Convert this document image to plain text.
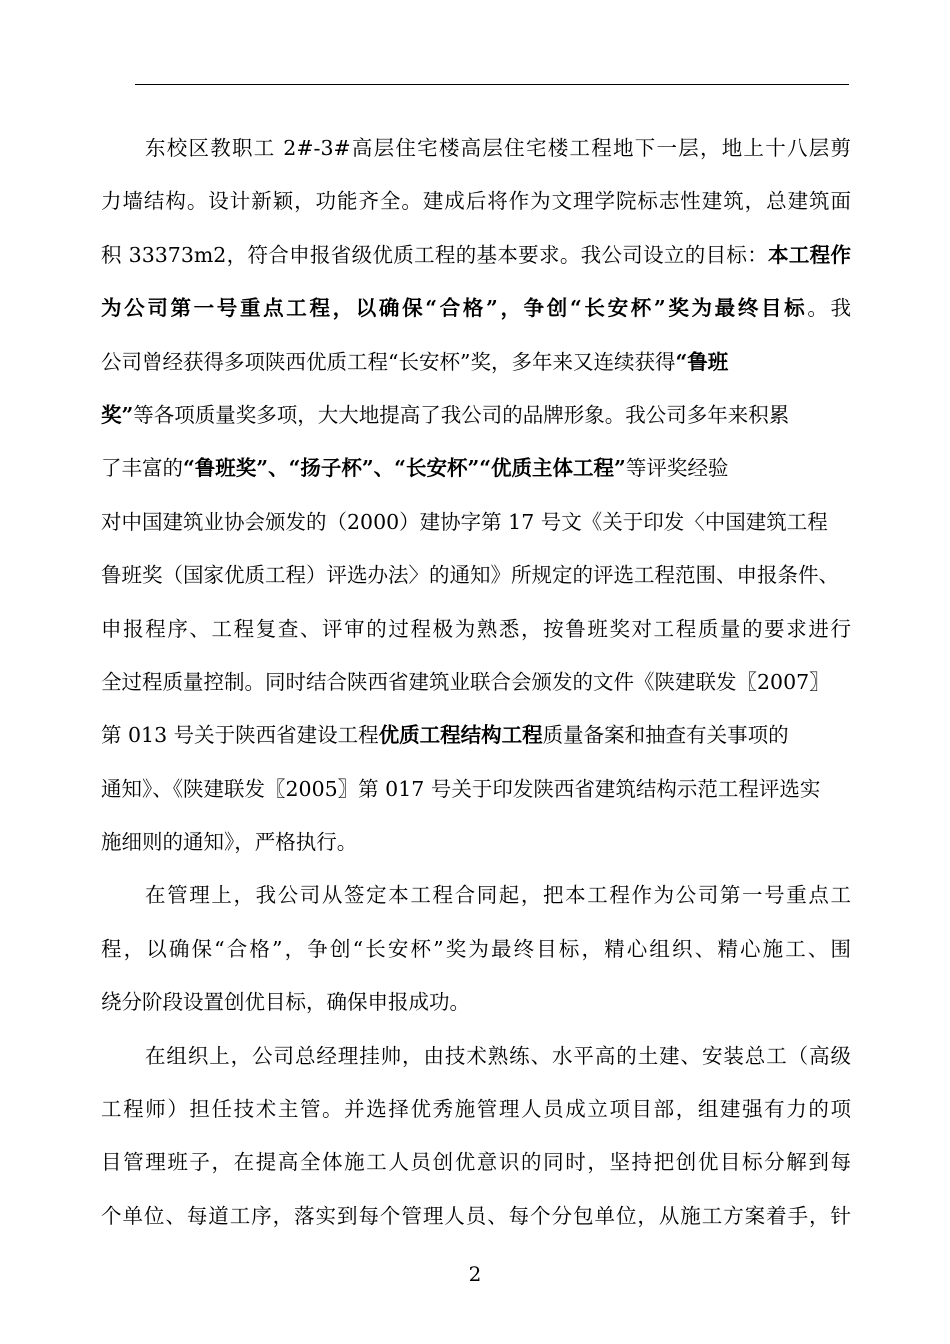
东校区教职工 2#-3#高层住宅楼高层住宅楼工程地下一层，地上十八层剪
力墙结构。设计新颖，功能齐全。建成后将作为文理学院标志性建筑，总建筑面
积 33373m2，符合申报省级优质工程的基本要求。我公司设立的目标：本工程作
为公司第一号重点工程，以确保“合格”，争创“长安杯”奖为最终目标。我
公司曾经获得多项陕西优质工程“长安杯”奖，多年来又连续获得“鲁班
奖”等各项质量奖多项，大大地提高了我公司的品牌形象。我公司多年来积累
了丰富的“鲁班奖”、“扬子杯”、“长安杯”“优质主体工程”等评奖经验
对中国建筑业协会颁发的（2000）建协字第 17 号文《关于印发〈中国建筑工程
鲁班奖（国家优质工程）评选办法〉的通知》所规定的评选工程范围、申报条件、
申报程序、工程复查、评审的过程极为熟悉，按鲁班奖对工程质量的要求进行
全过程质量控制。同时结合陕西省建筑业联合会颁发的文件《陕建联发〖2007〗
第 013 号关于陕西省建设工程优质工程结构工程质量备案和抽查有关事项的
通知》、《陕建联发〖2005〗第 017 号关于印发陕西省建筑结构示范工程评选实
施细则的通知》，严格执行。
在管理上，我公司从签定本工程合同起，把本工程作为公司第一号重点工
程，以确保“合格”，争创“长安杯”奖为最终目标，精心组织、精心施工、围
绕分阶段设置创优目标，确保申报成功。
在组织上，公司总经理挂帅，由技术熟练、水平高的土建、安装总工（高级
工程师）担任技术主管。并选择优秀施管理人员成立项目部，组建强有力的项
目管理班子，在提高全体施工人员创优意识的同时，坚持把创优目标分解到每
个单位、每道工序，落实到每个管理人员、每个分包单位，从施工方案着手，针
2
